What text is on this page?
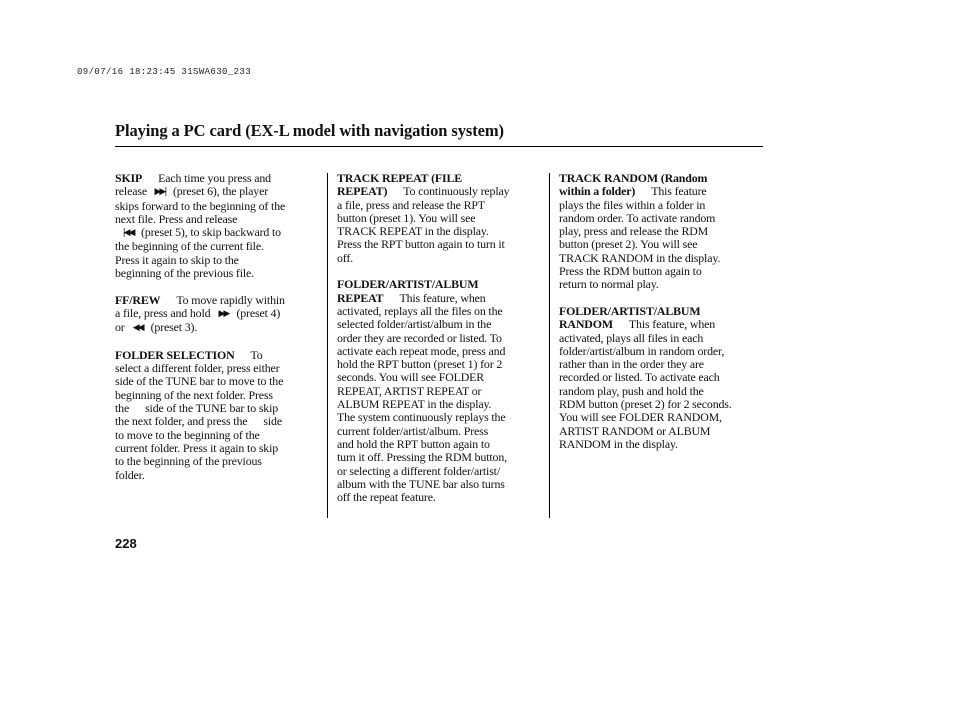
09/07/16 18:23:45 31SWA630_233
Playing a PC card (EX-L model with navigation system)
SKIP Each time you press and
release ▶▶| (preset 6), the player
skips forward to the beginning of the
next file. Press and release
|◀◀ (preset 5), to skip backward to
the beginning of the current file.
Press it again to skip to the
beginning of the previous file.
FF/REW To move rapidly within
a file, press and hold ▶▶ (preset 4)
or ◀◀ (preset 3).
FOLDER SELECTION To
select a different folder, press either
side of the TUNE bar to move to the
beginning of the next folder. Press
the side of the TUNE bar to skip
the next folder, and press the side
to move to the beginning of the
current folder. Press it again to skip
to the beginning of the previous
folder.
TRACK REPEAT (FILE
REPEAT) To continuously replay
a file, press and release the RPT
button (preset 1). You will see
TRACK REPEAT in the display.
Press the RPT button again to turn it
off.
FOLDER/ARTIST/ALBUM
REPEAT This feature, when
activated, replays all the files on the
selected folder/artist/album in the
order they are recorded or listed. To
activate each repeat mode, press and
hold the RPT button (preset 1) for 2
seconds. You will see FOLDER
REPEAT, ARTIST REPEAT or
ALBUM REPEAT in the display.
The system continuously replays the
current folder/artist/album. Press
and hold the RPT button again to
turn it off. Pressing the RDM button,
or selecting a different folder/artist/
album with the TUNE bar also turns
off the repeat feature.
TRACK RANDOM (Random
within a folder) This feature
plays the files within a folder in
random order. To activate random
play, press and release the RDM
button (preset 2). You will see
TRACK RANDOM in the display.
Press the RDM button again to
return to normal play.
FOLDER/ARTIST/ALBUM
RANDOM This feature, when
activated, plays all files in each
folder/artist/album in random order,
rather than in the order they are
recorded or listed. To activate each
random play, push and hold the
RDM button (preset 2) for 2 seconds.
You will see FOLDER RANDOM,
ARTIST RANDOM or ALBUM
RANDOM in the display.
228
